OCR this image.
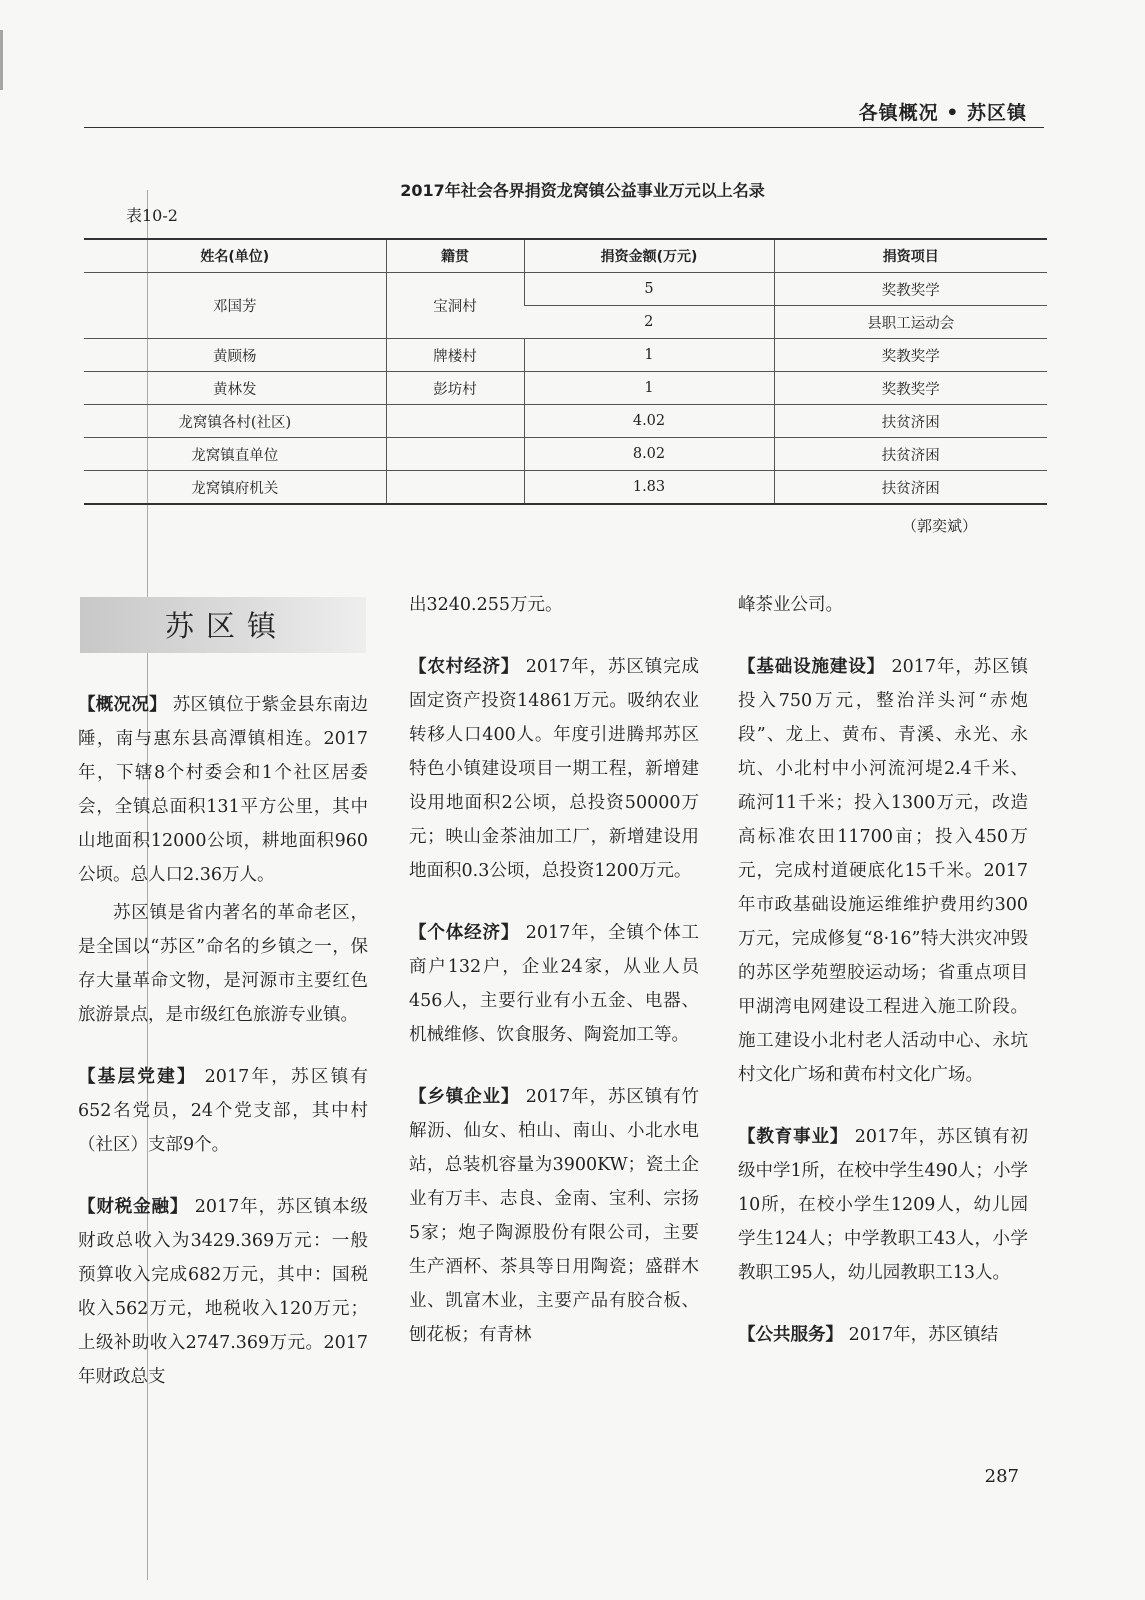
各镇概况 • 苏区镇
2017年社会各界捐资龙窝镇公益事业万元以上名录
表10-2
姓名(单位)	籍贯	捐资金额(万元)	捐资项目
邓国芳	宝洞村	5	奖教奖学
		2	县职工运动会
黄顾杨	牌楼村	1	奖教奖学
黄林发	彭坊村	1	奖教奖学
龙窝镇各村(社区)		4.02	扶贫济困
龙窝镇直单位		8.02	扶贫济困
龙窝镇府机关		1.83	扶贫济困
（郭奕斌）
苏区镇

【概况况】 苏区镇位于紫金县东南边陲，南与惠东县高潭镇相连。2017年，下辖8个村委会和1个社区居委会，全镇总面积131平方公里，其中山地面积12000公顷，耕地面积960公顷。总人口2.36万人。

苏区镇是省内著名的革命老区，是全国以“苏区”命名的乡镇之一，保存大量革命文物，是河源市主要红色旅游景点，是市级红色旅游专业镇。

【基层党建】 2017年，苏区镇有652名党员，24个党支部，其中村（社区）支部9个。

【财税金融】 2017年，苏区镇本级财政总收入为3429.369万元：一般预算收入完成682万元，其中：国税收入562万元，地税收入120万元；上级补助收入2747.369万元。2017年财政总支

出3240.255万元。

【农村经济】 2017年，苏区镇完成固定资产投资14861万元。吸纳农业转移人口400人。年度引进腾邦苏区特色小镇建设项目一期工程，新增建设用地面积2公顷，总投资50000万元；映山金茶油加工厂，新增建设用地面积0.3公顷，总投资1200万元。

【个体经济】 2017年，全镇个体工商户132户，企业24家，从业人员456人，主要行业有小五金、电器、机械维修、饮食服务、陶瓷加工等。

【乡镇企业】 2017年，苏区镇有竹解沥、仙女、柏山、南山、小北水电站，总装机容量为3900KW；瓷土企业有万丰、志良、金南、宝利、宗扬5家；炮子陶源股份有限公司，主要生产酒杯、茶具等日用陶瓷；盛群木业、凯富木业，主要产品有胶合板、刨花板；有青林

峰茶业公司。

【基础设施建设】 2017年，苏区镇投入750万元，整治洋头河“赤炮段”、龙上、黄布、青溪、永光、永坑、小北村中小河流河堤2.4千米、疏河11千米；投入1300万元，改造高标准农田11700亩；投入450万元，完成村道硬底化15千米。2017年市政基础设施运维维护费用约300万元，完成修复“8·16”特大洪灾冲毁的苏区学苑塑胶运动场；省重点项目甲湖湾电网建设工程进入施工阶段。施工建设小北村老人活动中心、永坑村文化广场和黄布村文化广场。

【教育事业】 2017年，苏区镇有初级中学1所，在校中学生490人；小学10所，在校小学生1209人，幼儿园学生124人；中学教职工43人，小学教职工95人，幼儿园教职工13人。

【公共服务】 2017年，苏区镇结

287
